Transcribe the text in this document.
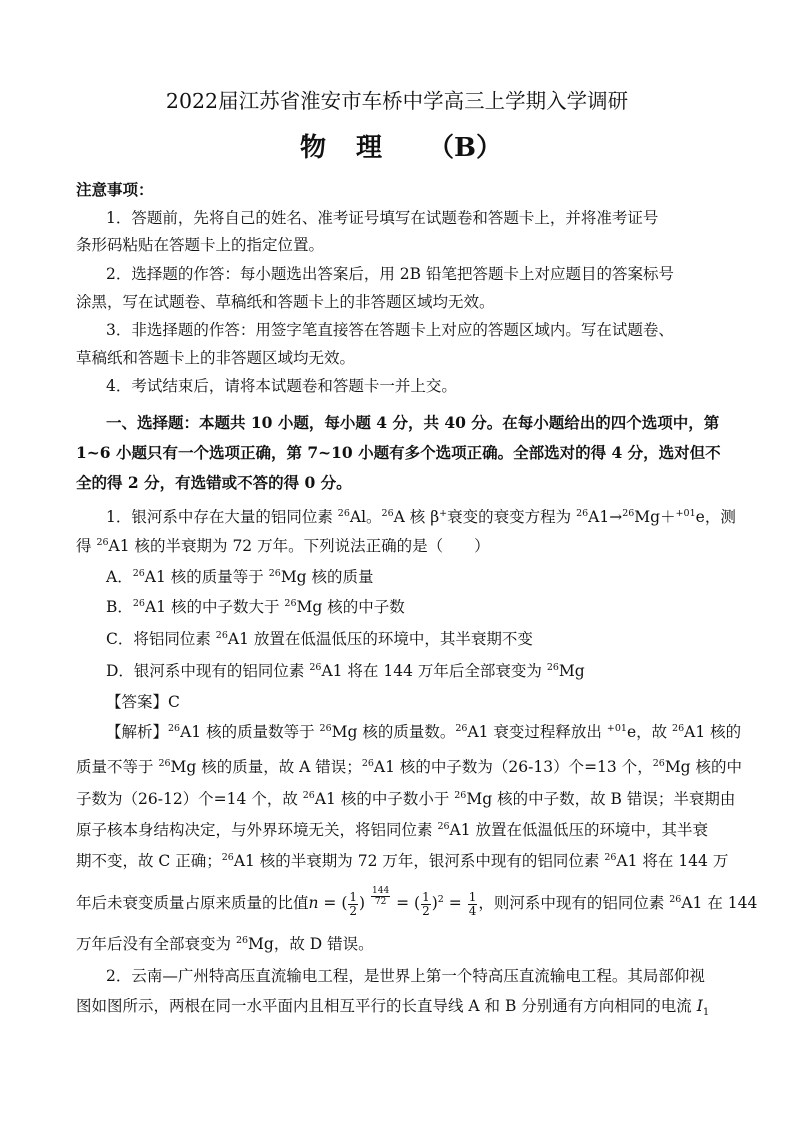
2022届江苏省淮安市车桥中学高三上学期入学调研
物 理 （B）
注意事项：
1．答题前，先将自己的姓名、准考证号填写在试题卷和答题卡上，并将准考证号
条形码粘贴在答题卡上的指定位置。
2．选择题的作答：每小题选出答案后，用 2B 铅笔把答题卡上对应题目的答案标号
涂黑，写在试题卷、草稿纸和答题卡上的非答题区域均无效。
3．非选择题的作答：用签字笔直接答在答题卡上对应的答题区域内。写在试题卷、
草稿纸和答题卡上的非答题区域均无效。
4．考试结束后，请将本试题卷和答题卡一并上交。
一、选择题：本题共 10 小题，每小题 4 分，共 40 分。在每小题给出的四个选项中，第
1~6 小题只有一个选项正确，第 7~10 小题有多个选项正确。全部选对的得 4 分，选对但不
全的得 2 分，有选错或不答的得 0 分。
1．银河系中存在大量的铝同位素 $^{26}$Al。$^{26}$A 核 β+衰变的衰变方程为 $^{26}$A1→$^{26}$Mg＋$^{+01}$e，测
得 $^{26}$A1 核的半衰期为 72 万年。下列说法正确的是（　　）
A．$^{26}$A1 核的质量等于 $^{26}$Mg 核的质量
B．$^{26}$A1 核的中子数大于 $^{26}$Mg 核的中子数
C．将铝同位素 $^{26}$A1 放置在低温低压的环境中，其半衰期不变
D．银河系中现有的铝同位素 $^{26}$A1 将在 144 万年后全部衰变为 $^{26}$Mg
【答案】C
【解析】$^{26}$A1 核的质量数等于 $^{26}$Mg 核的质量数。$^{26}$A1 衰变过程释放出 $^{+01}$e，故 $^{26}$A1 核的
质量不等于 $^{26}$Mg 核的质量，故 A 错误；$^{26}$A1 核的中子数为（26-13）个=13 个，$^{26}$Mg 核的中
子数为（26-12）个=14 个，故 $^{26}$A1 核的中子数小于 $^{26}$Mg 核的中子数，故 B 错误；半衰期由
原子核本身结构决定，与外界环境无关，将铝同位素 $^{26}$A1 放置在低温低压的环境中，其半衰
期不变，故 C 正确；$^{26}$A1 核的半衰期为 72 万年，银河系中现有的铝同位素 $^{26}$A1 将在 144 万
年后未衰变质量占原来质量的比值n = ( $\frac{1}{2}$ ) $\frac{144}{72}$ = ( $\frac{1}{2} )^2 = \frac{1}{4}$ ，则河系中现有的铝同位素 $^{26}$A1 在 144
万年后没有全部衰变为 $^{26}$Mg，故 D 错误。
2．云南—广州特高压直流输电工程，是世界上第一个特高压直流输电工程。其局部仰视
图如图所示，两根在同一水平面内且相互平行的长直导线 A 和 B 分别通有方向相同的电流 $I_1$
